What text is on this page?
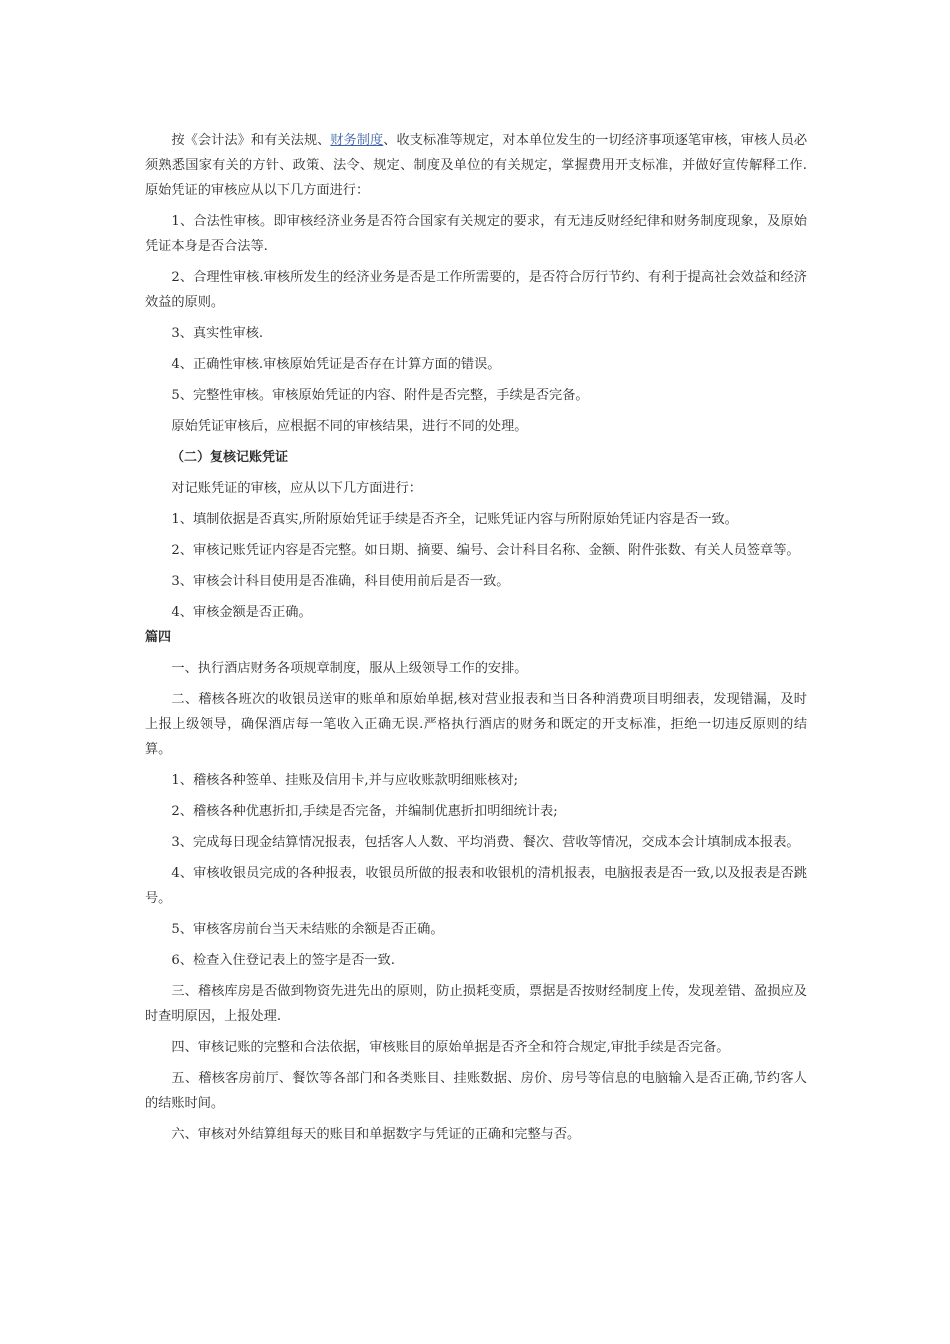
按《会计法》和有关法规、财务制度、收支标准等规定，对本单位发生的一切经济事项逐笔审核，审核人员必须熟悉国家有关的方针、政策、法令、规定、制度及单位的有关规定，掌握费用开支标准，并做好宣传解释工作.原始凭证的审核应从以下几方面进行：

1、合法性审核。即审核经济业务是否符合国家有关规定的要求，有无违反财经纪律和财务制度现象，及原始凭证本身是否合法等.

2、合理性审核.审核所发生的经济业务是否是工作所需要的，是否符合厉行节约、有利于提高社会效益和经济效益的原则。

3、真实性审核.

4、正确性审核.审核原始凭证是否存在计算方面的错误。

5、完整性审核。审核原始凭证的内容、附件是否完整，手续是否完备。

原始凭证审核后，应根据不同的审核结果，进行不同的处理。

（二）复核记账凭证

对记账凭证的审核，应从以下几方面进行：

1、填制依据是否真实,所附原始凭证手续是否齐全，记账凭证内容与所附原始凭证内容是否一致。

2、审核记账凭证内容是否完整。如日期、摘要、编号、会计科目名称、金额、附件张数、有关人员签章等。

3、审核会计科目使用是否准确，科目使用前后是否一致。

4、审核金额是否正确。

篇四

一、执行酒店财务各项规章制度，服从上级领导工作的安排。

二、稽核各班次的收银员送审的账单和原始单据,核对营业报表和当日各种消费项目明细表，发现错漏，及时上报上级领导，确保酒店每一笔收入正确无误.严格执行酒店的财务和既定的开支标准，拒绝一切违反原则的结算。

1、稽核各种签单、挂账及信用卡,并与应收账款明细账核对;

2、稽核各种优惠折扣,手续是否完备，并编制优惠折扣明细统计表;

3、完成每日现金结算情况报表，包括客人人数、平均消费、餐次、营收等情况，交成本会计填制成本报表。

4、审核收银员完成的各种报表，收银员所做的报表和收银机的清机报表，电脑报表是否一致,以及报表是否跳号。

5、审核客房前台当天未结账的余额是否正确。

6、检查入住登记表上的签字是否一致.

三、稽核库房是否做到物资先进先出的原则，防止损耗变质，票据是否按财经制度上传，发现差错、盈损应及时查明原因，上报处理.

四、审核记账的完整和合法依据，审核账目的原始单据是否齐全和符合规定,审批手续是否完备。

五、稽核客房前厅、餐饮等各部门和各类账目、挂账数据、房价、房号等信息的电脑输入是否正确,节约客人的结账时间。

六、审核对外结算组每天的账目和单据数字与凭证的正确和完整与否。
